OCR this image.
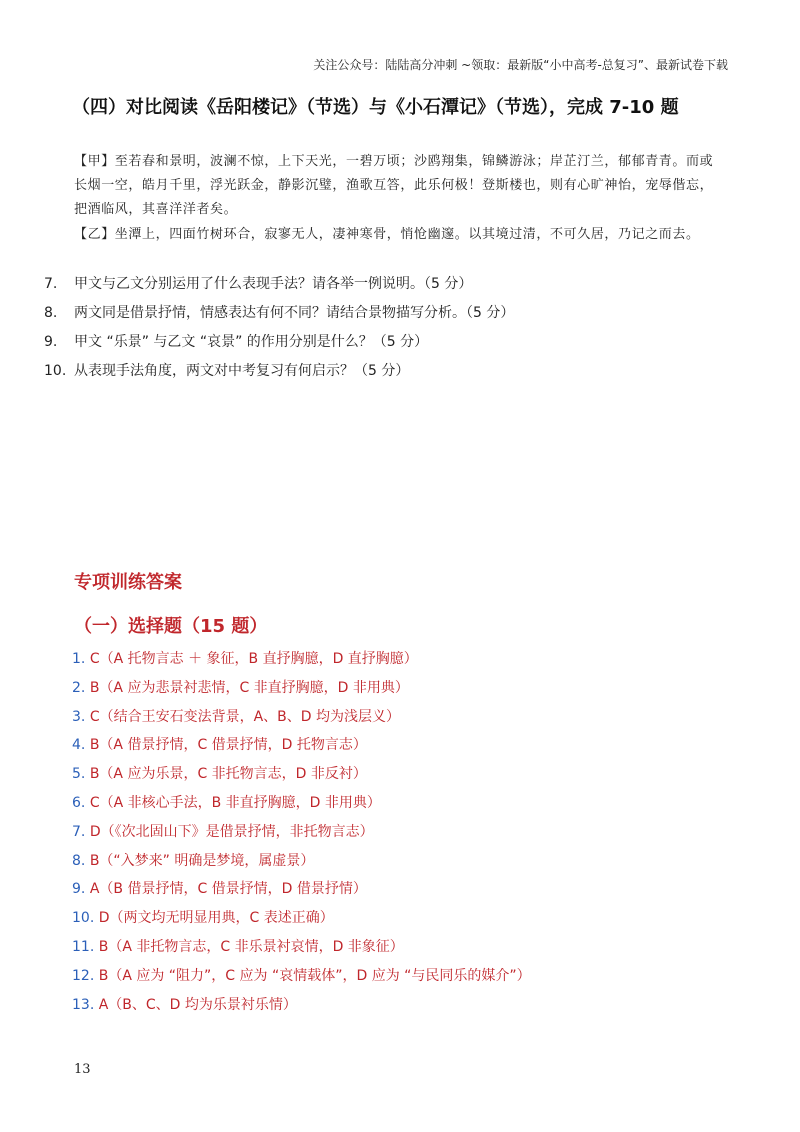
关注公众号：陆陆高分冲刺 ~领取：最新版“小中高考-总复习”、最新试卷下载
（四）对比阅读《岳阳楼记》（节选）与《小石潭记》（节选），完成 7-10 题
【甲】至若春和景明，波澜不惊，上下天光，一碧万顷；沙鸥翔集，锦鳞游泳；岸芷汀兰，郁郁青青。而或长烟一空，皓月千里，浮光跃金，静影沉璧，渔歌互答，此乐何极！登斯楼也，则有心旷神怡，宠辱偕忘，把酒临风，其喜洋洋者矣。
【乙】坐潭上，四面竹树环合，寂寥无人，凄神寒骨，悄怆幽邃。以其境过清，不可久居，乃记之而去。
7. 甲文与乙文分别运用了什么表现手法？请各举一例说明。（5 分）
8. 两文同是借景抒情，情感表达有何不同？请结合景物描写分析。（5 分）
9. 甲文 “乐景” 与乙文 “哀景” 的作用分别是什么？（5 分）
10. 从表现手法角度，两文对中考复习有何启示？（5 分）
专项训练答案
（一）选择题（15 题）
1. C（A 托物言志 ＋ 象征，B 直抒胸臆，D 直抒胸臆）
2. B（A 应为悲景衬悲情，C 非直抒胸臆，D 非用典）
3. C（结合王安石变法背景，A、B、D 均为浅层义）
4. B（A 借景抒情，C 借景抒情，D 托物言志）
5. B（A 应为乐景，C 非托物言志，D 非反衬）
6. C（A 非核心手法，B 非直抒胸臆，D 非用典）
7. D（《次北固山下》是借景抒情，非托物言志）
8. B（“入梦来” 明确是梦境，属虚景）
9. A（B 借景抒情，C 借景抒情，D 借景抒情）
10. D（两文均无明显用典，C 表述正确）
11. B（A 非托物言志，C 非乐景衬哀情，D 非象征）
12. B（A 应为 “阻力”，C 应为 “哀情载体”，D 应为 “与民同乐的媒介”）
13. A（B、C、D 均为乐景衬乐情）
13
